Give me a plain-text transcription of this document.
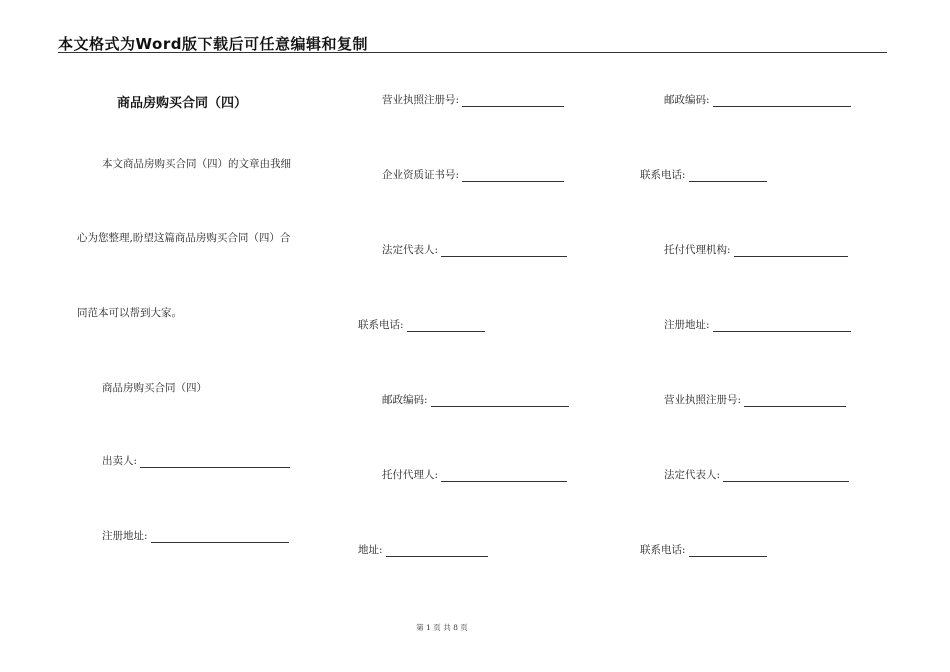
本文格式为Word版下载后可任意编辑和复制
商品房购买合同（四）
本文商品房购买合同（四）的文章由我细
心为您整理,盼望这篇商品房购买合同（四）合
同范本可以帮到大家。
商品房购买合同（四）
出卖人:
注册地址:
营业执照注册号:
企业资质证书号:
法定代表人:
联系电话:
邮政编码:
托付代理人:
地址:
邮政编码:
联系电话:
托付代理机构:
注册地址:
营业执照注册号:
法定代表人:
联系电话:
第 1 页 共 8 页
